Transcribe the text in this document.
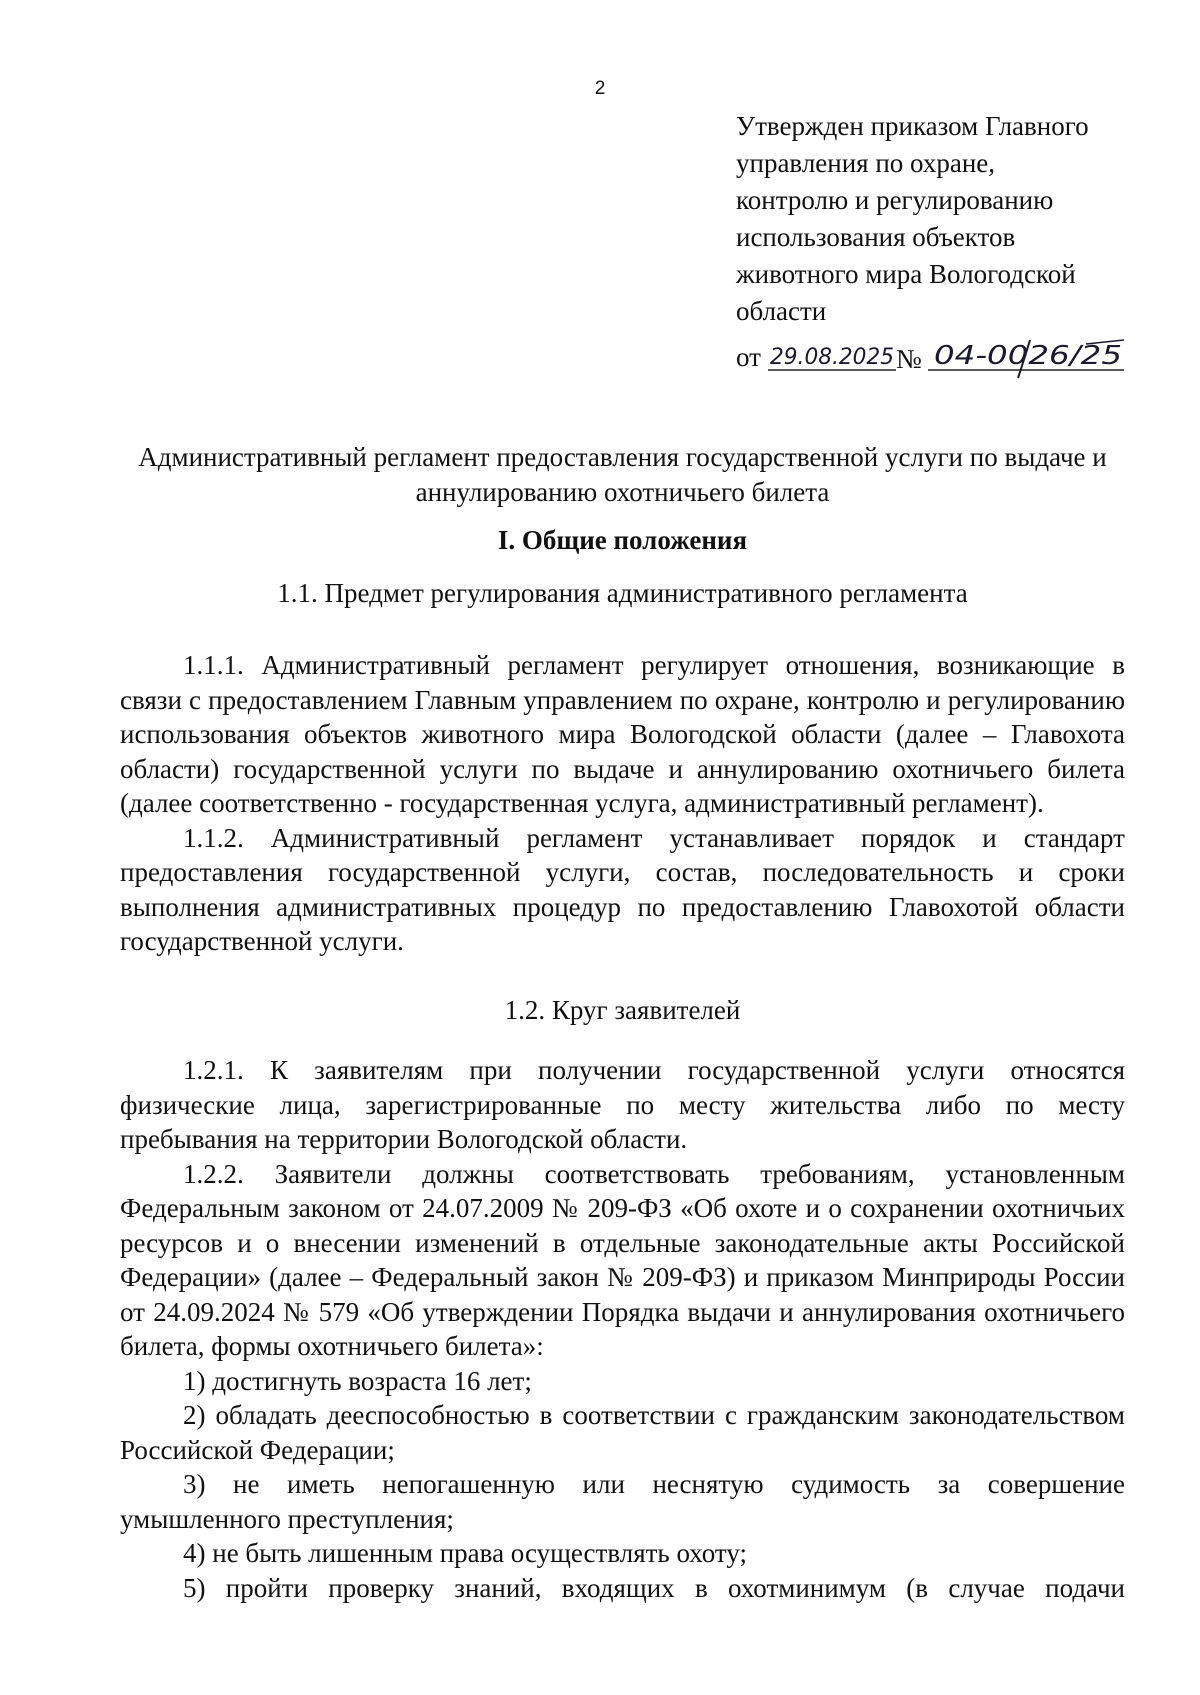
2
Утвержден приказом Главного
управления по охране,
контролю и регулированию
использования объектов
животного мира Вологодской
области
от 29.08.2025 № 04-0026/25
Административный регламент предоставления государственной услуги по выдаче и аннулированию охотничьего билета
I. Общие положения
1.1. Предмет регулирования административного регламента

1.1.1. Административный регламент регулирует отношения, возникающие в связи с предоставлением Главным управлением по охране, контролю и регулированию использования объектов животного мира Вологодской области (далее – Главохота области) государственной услуги по выдаче и аннулированию охотничьего билета (далее соответственно - государственная услуга, административный регламент).

1.1.2. Административный регламент устанавливает порядок и стандарт предоставления государственной услуги, состав, последовательность и сроки выполнения административных процедур по предоставлению Главохотой области государственной услуги.

1.2. Круг заявителей

1.2.1. К заявителям при получении государственной услуги относятся физические лица, зарегистрированные по месту жительства либо по месту пребывания на территории Вологодской области.

1.2.2. Заявители должны соответствовать требованиям, установленным Федеральным законом от 24.07.2009 № 209-ФЗ «Об охоте и о сохранении охотничьих ресурсов и о внесении изменений в отдельные законодательные акты Российской Федерации» (далее – Федеральный закон № 209-ФЗ) и приказом Минприроды России от 24.09.2024 № 579 «Об утверждении Порядка выдачи и аннулирования охотничьего билета, формы охотничьего билета»:

1) достигнуть возраста 16 лет;

2) обладать дееспособностью в соответствии с гражданским законодательством Российской Федерации;

3) не иметь непогашенную или неснятую судимость за совершение умышленного преступления;

4) не быть лишенным права осуществлять охоту;

5) пройти проверку знаний, входящих в охотминимум (в случае подачи
